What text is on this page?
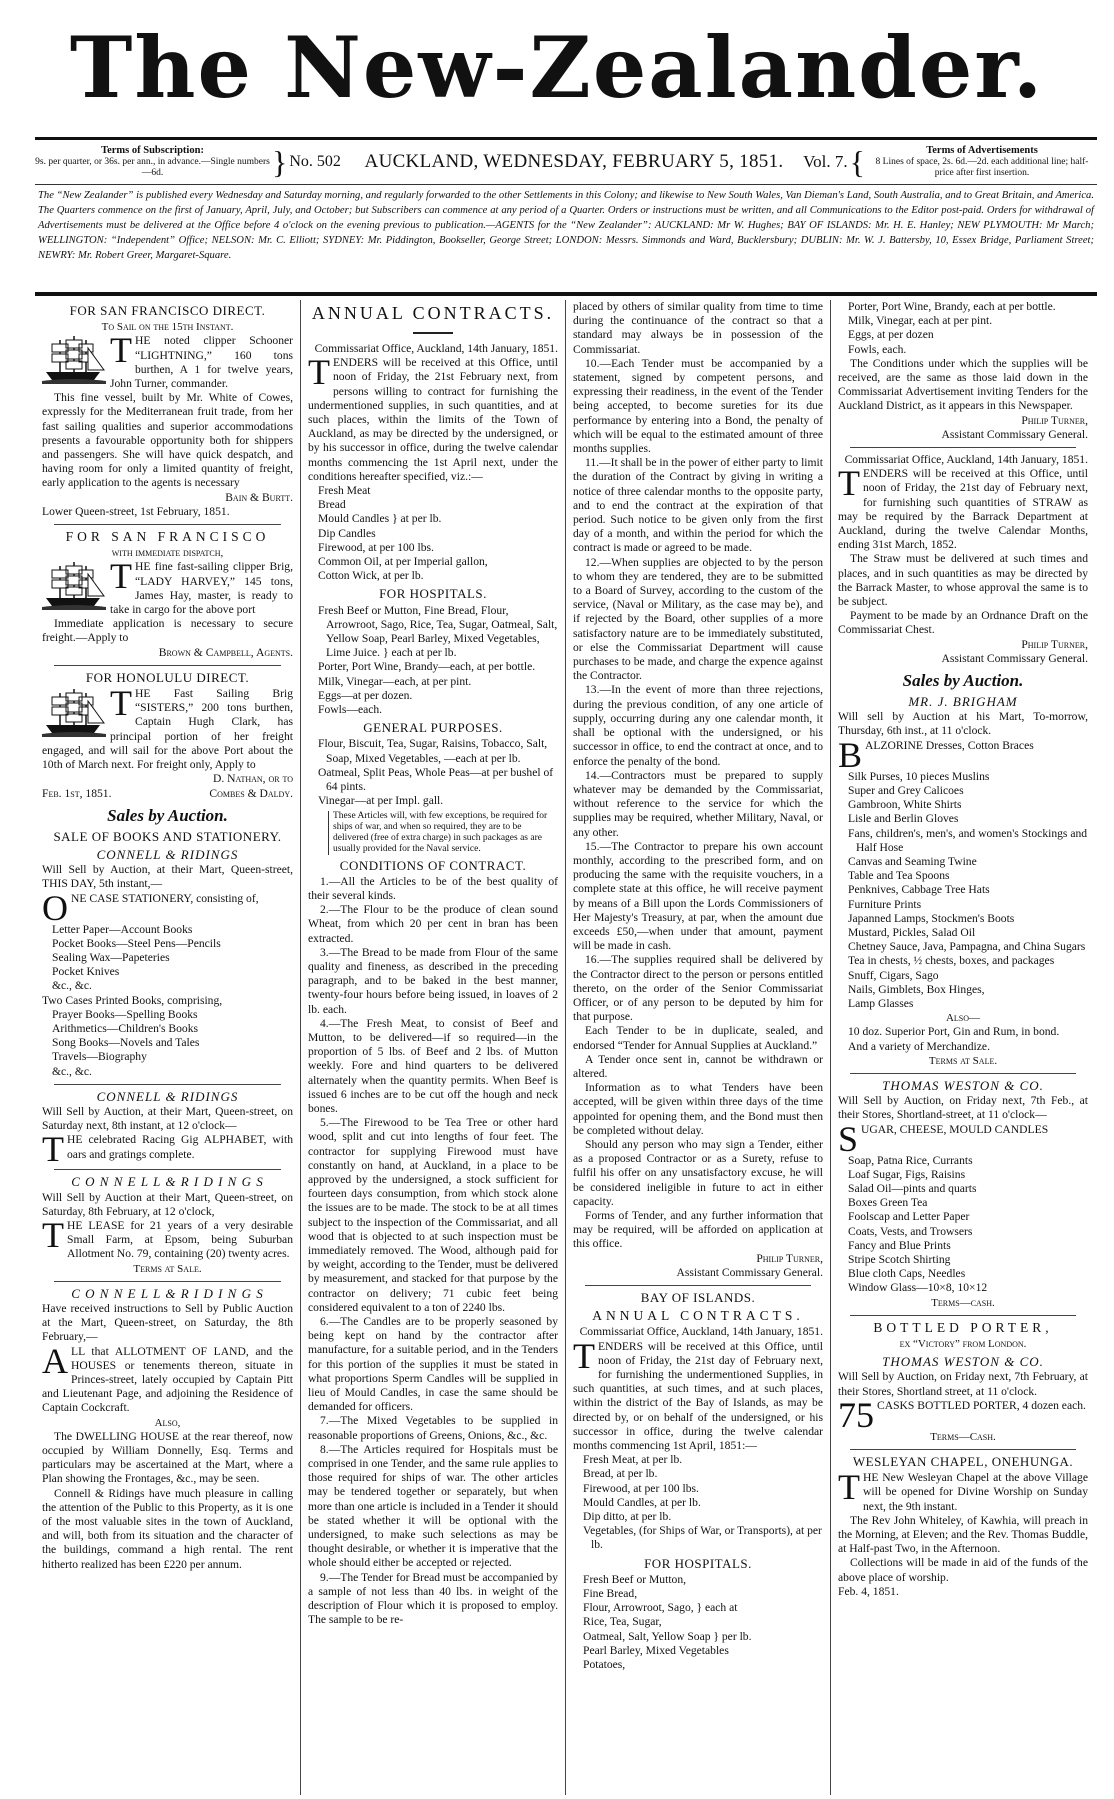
The New-Zealander.
Terms of Subscription:
9s. per quarter, or 36s. per ann., in advance.—Single numbers—6d.	} No. 502	AUCKLAND, WEDNESDAY, FEBRUARY 5, 1851.	Vol. 7. {	Terms of Advertisements
8 Lines of space, 2s. 6d.—2d. each additional line; half-price after first insertion.
The “New Zealander” is published every Wednesday and Saturday morning, and regularly forwarded to the other Settlements in this Colony; and likewise to New South Wales, Van Dieman's Land, South Australia, and to Great Britain, and America. The Quarters commence on the first of January, April, July, and October; but Subscribers can commence at any period of a Quarter. Orders or instructions must be written, and all Communications to the Editor post-paid. Orders for withdrawal of Advertisements must be delivered at the Office before 4 o'clock on the evening previous to publication.—AGENTS for the “New Zealander”: AUCKLAND: Mr W. Hughes; BAY OF ISLANDS: Mr. H. E. Hanley; NEW PLYMOUTH: Mr March; WELLINGTON: “Independent” Office; NELSON: Mr. C. Elliott; SYDNEY: Mr. Piddington, Bookseller, George Street; LONDON: Messrs. Simmonds and Ward, Bucklersbury; DUBLIN: Mr. W. J. Battersby, 10, Essex Bridge, Parliament Street; NEWRY: Mr. Robert Greer, Margaret-Square.
FOR SAN FRANCISCO DIRECT.
To Sail on the 15th Instant.
THE noted clipper Schooner “LIGHTNING,” 160 tons burthen, A 1 for twelve years, John Turner, commander.
This fine vessel, built by Mr. White of Cowes, expressly for the Mediterranean fruit trade, from her fast sailing qualities and superior accommodations presents a favourable opportunity both for shippers and passengers. She will have quick despatch, and having room for only a limited quantity of freight, early application to the agents is necessary
Bain & Burtt.
Lower Queen-street, 1st February, 1851.
FOR SAN FRANCISCO
with immediate dispatch,
THE fine fast-sailing clipper Brig, “LADY HARVEY,” 145 tons, James Hay, master, is ready to take in cargo for the above port
Immediate application is necessary to secure freight.—Apply to
Brown & Campbell, Agents.
FOR HONOLULU DIRECT.
THE Fast Sailing Brig “SISTERS,” 200 tons burthen, Captain Hugh Clark, has principal portion of her freight engaged, and will sail for the above Port about the 10th of March next. For freight only, Apply to
D. Nathan, or to
Feb. 1st, 1851.	Combes & Daldy.
Sales by Auction.
SALE OF BOOKS AND STATIONERY.
CONNELL & RIDINGS
Will Sell by Auction, at their Mart, Queen-street, THIS DAY, 5th instant,—
ONE CASE STATIONERY, consisting of,
Letter Paper—Account Books
Pocket Books—Steel Pens—Pencils
Sealing Wax—Papeteries
Pocket Knives
&c., &c.
Two Cases Printed Books, comprising,
Prayer Books—Spelling Books
Arithmetics—Children's Books
Song Books—Novels and Tales
Travels—Biography
&c., &c.
CONNELL & RIDINGS
Will Sell by Auction, at their Mart, Queen-street, on Saturday next, 8th instant, at 12 o'clock—
THE celebrated Racing Gig ALPHABET, with oars and gratings complete.
C O N N E L L & R I D I N G S
Will Sell by Auction at their Mart, Queen-street, on Saturday, 8th February, at 12 o'clock,
THE LEASE for 21 years of a very desirable Small Farm, at Epsom, being Suburban Allotment No. 79, containing (20) twenty acres.
Terms at Sale.
C O N N E L L & R I D I N G S
Have received instructions to Sell by Public Auction at the Mart, Queen-street, on Saturday, the 8th February,—
ALL that ALLOTMENT OF LAND, and the HOUSES or tenements thereon, situate in Princes-street, lately occupied by Captain Pitt and Lieutenant Page, and adjoining the Residence of Captain Cockcraft.
Also,
The DWELLING HOUSE at the rear thereof, now occupied by William Donnelly, Esq. Terms and particulars may be ascertained at the Mart, where a Plan showing the Frontages, &c., may be seen.
Connell & Ridings have much pleasure in calling the attention of the Public to this Property, as it is one of the most valuable sites in the town of Auckland, and will, both from its situation and the character of the buildings, command a high rental. The rent hitherto realized has been £220 per annum.
ANNUAL CONTRACTS.
Commissariat Office, Auckland, 14th January, 1851.
TENDERS will be received at this Office, until noon of Friday, the 21st February next, from persons willing to contract for furnishing the undermentioned supplies, in such quantities, and at such places, within the limits of the Town of Auckland, as may be directed by the undersigned, or by his successor in office, during the twelve calendar months commencing the 1st April next, under the conditions hereafter specified, viz.:—
Fresh Meat
Bread
Mould Candles } at per lb.
Dip Candles
Firewood, at per 100 lbs.
Common Oil, at per Imperial gallon,
Cotton Wick, at per lb.
FOR HOSPITALS.
Fresh Beef or Mutton, Fine Bread, Flour, Arrowroot, Sago, Rice, Tea, Sugar, Oatmeal, Salt, Yellow Soap, Pearl Barley, Mixed Vegetables, Lime Juice. } each at per lb.
Porter, Port Wine, Brandy—each, at per bottle.
Milk, Vinegar—each, at per pint.
Eggs—at per dozen.
Fowls—each.
GENERAL PURPOSES.
Flour, Biscuit, Tea, Sugar, Raisins, Tobacco, Salt, Soap, Mixed Vegetables, —each at per lb.
Oatmeal, Split Peas, Whole Peas—at per bushel of 64 pints.
Vinegar—at per Impl. gall.
These Articles will, with few exceptions, be required for ships of war, and when so required, they are to be delivered (free of extra charge) in such packages as are usually provided for the Naval service.
CONDITIONS OF CONTRACT.
1.—All the Articles to be of the best quality of their several kinds.
2.—The Flour to be the produce of clean sound Wheat, from which 20 per cent in bran has been extracted.
3.—The Bread to be made from Flour of the same quality and fineness, as described in the preceding paragraph, and to be baked in the best manner, twenty-four hours before being issued, in loaves of 2 lb. each.
4.—The Fresh Meat, to consist of Beef and Mutton, to be delivered—if so required—in the proportion of 5 lbs. of Beef and 2 lbs. of Mutton weekly. Fore and hind quarters to be delivered alternately when the quantity permits. When Beef is issued 6 inches are to be cut off the hough and neck bones.
5.—The Firewood to be Tea Tree or other hard wood, split and cut into lengths of four feet. The contractor for supplying Firewood must have constantly on hand, at Auckland, in a place to be approved by the undersigned, a stock sufficient for fourteen days consumption, from which stock alone the issues are to be made. The stock to be at all times subject to the inspection of the Commissariat, and all wood that is objected to at such inspection must be immediately removed. The Wood, although paid for by weight, according to the Tender, must be delivered by measurement, and stacked for that purpose by the contractor on delivery; 71 cubic feet being considered equivalent to a ton of 2240 lbs.
6.—The Candles are to be properly seasoned by being kept on hand by the contractor after manufacture, for a suitable period, and in the Tenders for this portion of the supplies it must be stated in what proportions Sperm Candles will be supplied in lieu of Mould Candles, in case the same should be demanded for officers.
7.—The Mixed Vegetables to be supplied in reasonable proportions of Greens, Onions, &c., &c.
8.—The Articles required for Hospitals must be comprised in one Tender, and the same rule applies to those required for ships of war. The other articles may be tendered together or separately, but when more than one article is included in a Tender it should be stated whether it will be optional with the undersigned, to make such selections as may be thought desirable, or whether it is imperative that the whole should either be accepted or rejected.
9.—The Tender for Bread must be accompanied by a sample of not less than 40 lbs. in weight of the description of Flour which it is proposed to employ. The sample to be re-
placed by others of similar quality from time to time during the continuance of the contract so that a standard may always be in possession of the Commissariat.
10.—Each Tender must be accompanied by a statement, signed by competent persons, and expressing their readiness, in the event of the Tender being accepted, to become sureties for its due performance by entering into a Bond, the penalty of which will be equal to the estimated amount of three months supplies.
11.—It shall be in the power of either party to limit the duration of the Contract by giving in writing a notice of three calendar months to the opposite party, and to end the contract at the expiration of that period. Such notice to be given only from the first day of a month, and within the period for which the contract is made or agreed to be made.
12.—When supplies are objected to by the person to whom they are tendered, they are to be submitted to a Board of Survey, according to the custom of the service, (Naval or Military, as the case may be), and if rejected by the Board, other supplies of a more satisfactory nature are to be immediately substituted, or else the Commissariat Department will cause purchases to be made, and charge the expence against the Contractor.
13.—In the event of more than three rejections, during the previous condition, of any one article of supply, occurring during any one calendar month, it shall be optional with the undersigned, or his successor in office, to end the contract at once, and to enforce the penalty of the bond.
14.—Contractors must be prepared to supply whatever may be demanded by the Commissariat, without reference to the service for which the supplies may be required, whether Military, Naval, or any other.
15.—The Contractor to prepare his own account monthly, according to the prescribed form, and on producing the same with the requisite vouchers, in a complete state at this office, he will receive payment by means of a Bill upon the Lords Commissioners of Her Majesty's Treasury, at par, when the amount due exceeds £50,—when under that amount, payment will be made in cash.
16.—The supplies required shall be delivered by the Contractor direct to the person or persons entitled thereto, on the order of the Senior Commissariat Officer, or of any person to be deputed by him for that purpose.
Each Tender to be in duplicate, sealed, and endorsed “Tender for Annual Supplies at Auckland.”
A Tender once sent in, cannot be withdrawn or altered.
Information as to what Tenders have been accepted, will be given within three days of the time appointed for opening them, and the Bond must then be completed without delay.
Should any person who may sign a Tender, either as a proposed Contractor or as a Surety, refuse to fulfil his offer on any unsatisfactory excuse, he will be considered ineligible in future to act in either capacity.
Forms of Tender, and any further information that may be required, will be afforded on application at this office.
Philip Turner,
Assistant Commissary General.
BAY OF ISLANDS.
ANNUAL CONTRACTS.
Commissariat Office, Auckland, 14th January, 1851.
TENDERS will be received at this Office, until noon of Friday, the 21st day of February next, for furnishing the undermentioned Supplies, in such quantities, at such times, and at such places, within the district of the Bay of Islands, as may be directed by, or on behalf of the undersigned, or his successor in office, during the twelve calendar months commencing 1st April, 1851:—
Fresh Meat, at per lb.
Bread, at per lb.
Firewood, at per 100 lbs.
Mould Candles, at per lb.
Dip ditto, at per lb.
Vegetables, (for Ships of War, or Transports), at per lb.
FOR HOSPITALS.
Fresh Beef or Mutton,
Fine Bread,
Flour, Arrowroot, Sago, } each at
Rice, Tea, Sugar,
Oatmeal, Salt, Yellow Soap } per lb.
Pearl Barley, Mixed Vegetables
Potatoes,
Porter, Port Wine, Brandy, each at per bottle.
Milk, Vinegar, each at per pint.
Eggs, at per dozen
Fowls, each.
The Conditions under which the supplies will be received, are the same as those laid down in the Commissariat Advertisement inviting Tenders for the Auckland District, as it appears in this Newspaper.
Philip Turner,
Assistant Commissary General.
Commissariat Office, Auckland, 14th January, 1851.
TENDERS will be received at this Office, until noon of Friday, the 21st day of February next, for furnishing such quantities of STRAW as may be required by the Barrack Department at Auckland, during the twelve Calendar Months, ending 31st March, 1852.
The Straw must be delivered at such times and places, and in such quantities as may be directed by the Barrack Master, to whose approval the same is to be subject.
Payment to be made by an Ordnance Draft on the Commissariat Chest.
Philip Turner,
Assistant Commissary General.
Sales by Auction.
MR. J. BRIGHAM
Will sell by Auction at his Mart, To-morrow, Thursday, 6th inst., at 11 o'clock.
BALZORINE Dresses, Cotton Braces
Silk Purses, 10 pieces Muslins
Super and Grey Calicoes
Gambroon, White Shirts
Lisle and Berlin Gloves
Fans, children's, men's, and women's Stockings and Half Hose
Canvas and Seaming Twine
Table and Tea Spoons
Penknives, Cabbage Tree Hats
Furniture Prints
Japanned Lamps, Stockmen's Boots
Mustard, Pickles, Salad Oil
Chetney Sauce, Java, Pampagna, and China Sugars
Tea in chests, ½ chests, boxes, and packages
Snuff, Cigars, Sago
Nails, Gimblets, Box Hinges,
Lamp Glasses
Also—
10 doz. Superior Port, Gin and Rum, in bond.
And a variety of Merchandize.
Terms at Sale.
THOMAS WESTON & CO.
Will Sell by Auction, on Friday next, 7th Feb., at their Stores, Shortland-street, at 11 o'clock—
SUGAR, CHEESE, MOULD CANDLES
Soap, Patna Rice, Currants
Loaf Sugar, Figs, Raisins
Salad Oil—pints and quarts
Boxes Green Tea
Foolscap and Letter Paper
Coats, Vests, and Trowsers
Fancy and Blue Prints
Stripe Scotch Shirting
Blue cloth Caps, Needles
Window Glass—10×8, 10×12
Terms—cash.
BOTTLED PORTER,
ex “Victory” from London.
THOMAS WESTON & CO.
Will Sell by Auction, on Friday next, 7th February, at their Stores, Shortland street, at 11 o'clock.
75 CASKS BOTTLED PORTER, 4 dozen each.
Terms—Cash.
WESLEYAN CHAPEL, ONEHUNGA.
THE New Wesleyan Chapel at the above Village will be opened for Divine Worship on Sunday next, the 9th instant.
The Rev John Whiteley, of Kawhia, will preach in the Morning, at Eleven; and the Rev. Thomas Buddle, at Half-past Two, in the Afternoon.
Collections will be made in aid of the funds of the above place of worship.
Feb. 4, 1851.
